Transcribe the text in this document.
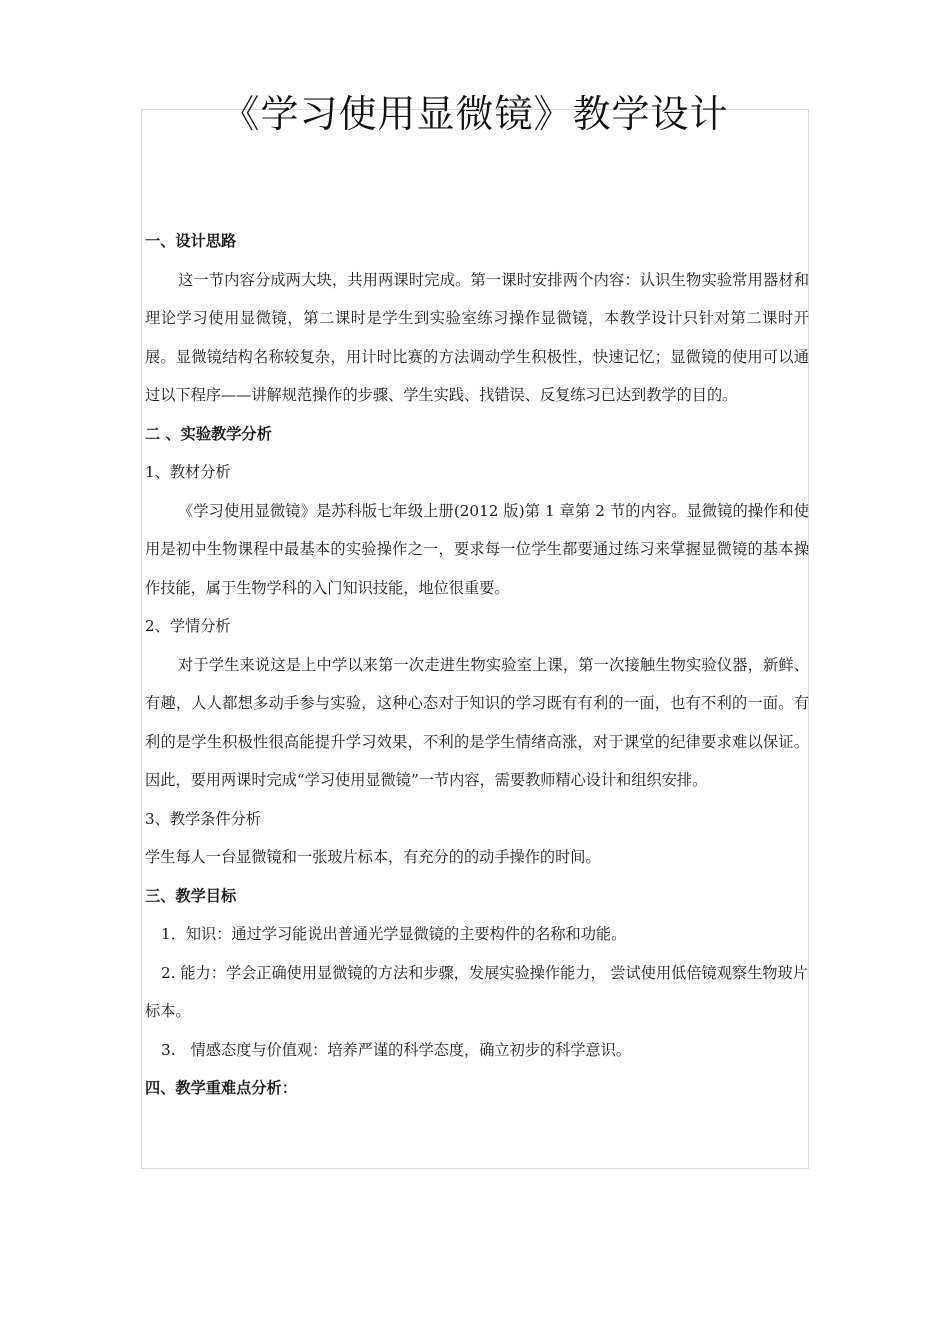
《学习使用显微镜》教学设计

一、设计思路

这一节内容分成两大块，共用两课时完成。第一课时安排两个内容：认识生物实验常用器材和理论学习使用显微镜，第二课时是学生到实验室练习操作显微镜，本教学设计只针对第二课时开展。显微镜结构名称较复杂，用计时比赛的方法调动学生积极性，快速记忆；显微镜的使用可以通过以下程序——讲解规范操作的步骤、学生实践、找错误、反复练习已达到教学的目的。

二 、实验教学分析

1、教材分析

《学习使用显微镜》是苏科版七年级上册(2012 版)第 1 章第 2 节的内容。显微镜的操作和使用是初中生物课程中最基本的实验操作之一，要求每一位学生都要通过练习来掌握显微镜的基本操作技能，属于生物学科的入门知识技能，地位很重要。

2、学情分析

对于学生来说这是上中学以来第一次走进生物实验室上课，第一次接触生物实验仪器，新鲜、有趣，人人都想多动手参与实验，这种心态对于知识的学习既有有利的一面，也有不利的一面。有利的是学生积极性很高能提升学习效果，不利的是学生情绪高涨，对于课堂的纪律要求难以保证。因此，要用两课时完成“学习使用显微镜”一节内容，需要教师精心设计和组织安排。

3、教学条件分析

学生每人一台显微镜和一张玻片标本，有充分的的动手操作的时间。

三、教学目标

1．知识：通过学习能说出普通光学显微镜的主要构件的名称和功能。

2. 能力：学会正确使用显微镜的方法和步骤，发展实验操作能力， 尝试使用低倍镜观察生物玻片标本。

3.　情感态度与价值观：培养严谨的科学态度，确立初步的科学意识。

四、教学重难点分析：
